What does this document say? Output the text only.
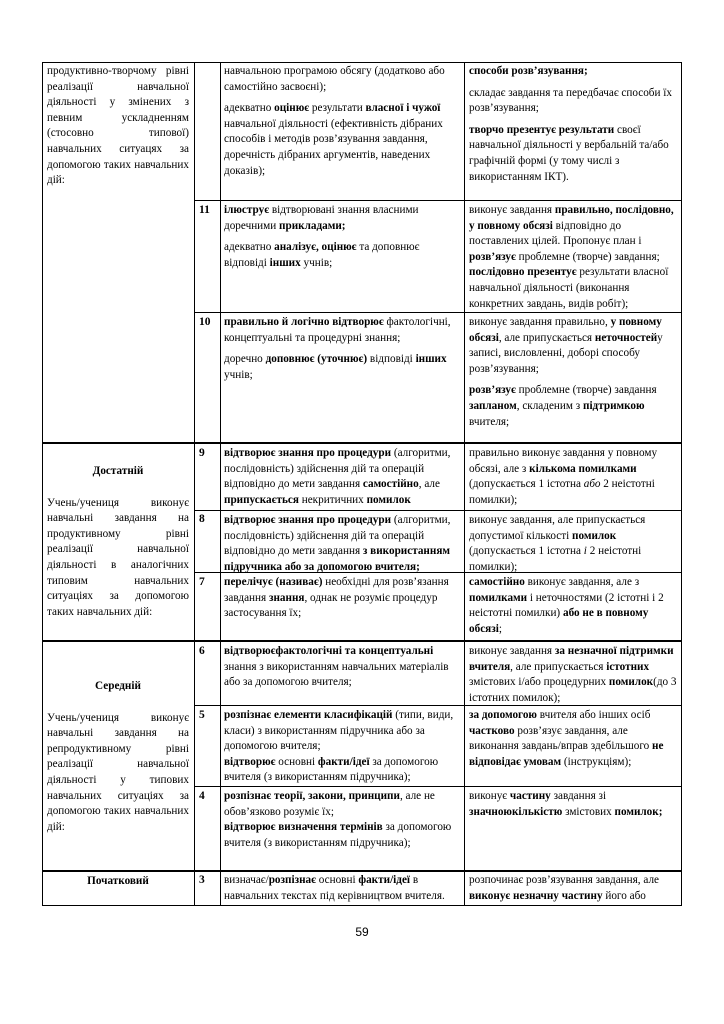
продуктивно-творчому рівні реалізації навчальної діяльності у змінених з певним ускладненням (стосовно типової) навчальних ситуацях за допомогою таких навчальних дій:

Достатній

Учень/учениця виконує навчальні завдання на продуктивному рівні реалізації навчальної діяльності в аналогічних типовим навчальних ситуаціях за допомогою таких навчальних дій:

Середній

Учень/учениця виконує навчальні завдання на репродуктивному рівні реалізації навчальної діяльності у типових навчальних ситуаціях за допомогою таких навчальних дій:

Початковий

11
10
9
8
7
6
5
4
3

навчальною програмою обсягу (додатково або самостійно засвоєні);

адекватно оцінює результати власної і чужої навчальної діяльності (ефективність дібраних способів і методів розв’язування завдання, доречність дібраних аргументів, наведених доказів);

ілюструє відтворювані знання власними доречними прикладами;

адекватно аналізує, оцінює та доповнює відповіді інших учнів;

правильно й логічно відтворює фактологічні, концептуальні та процедурні знання;

доречно доповнює (уточнює) відповіді інших учнів;

відтворює знання про процедури (алгоритми, послідовність) здійснення дій та операцій відповідно до мети завдання самостійно, але припускається некритичних помилок

відтворює знання про процедури (алгоритми, послідовність) здійснення дій та операцій відповідно до мети завдання з використанням підручника або за допомогою вчителя;

перелічує (називає) необхідні для розв’язання завдання знання, однак не розуміє процедур застосування їх;

відтворюєфактологічні та концептуальні знання з використанням навчальних матеріалів або за допомогою вчителя;

розпізнає елементи класифікацій (типи, види, класи) з використанням підручника або за допомогою вчителя;
відтворює основні факти/ідеї за допомогою вчителя (з використанням підручника);

розпізнає теорії, закони, принципи, але не обов’язково розуміє їх;
відтворює визначення термінів за допомогою вчителя (з використанням підручника);

визначає/розпізнає основні факти/ідеї в навчальних текстах під керівництвом вчителя.

способи розв’язування;

складає завдання та передбачає способи їх розв’язування;

творчо презентує результати своєї навчальної діяльності у вербальній та/або графічній формі (у тому числі з використанням ІКТ).

виконує завдання правильно, послідовно, у повному обсязі відповідно до поставлених цілей. Пропонує план і розв’язує проблемне (творче) завдання; послідовно презентує результати власної навчальної діяльності (виконання конкретних завдань, видів робіт);

виконує завдання правильно, у повному обсязі, але припускається неточностейу записі, висловленні, доборі способу розв’язування;

розв’язує проблемне (творче) завдання запланом, складеним з підтримкою вчителя;

правильно виконує завдання у повному обсязі, але з кількома помилками (допускається 1 істотна або 2 неістотні помилки);

виконує завдання, але припускається допустимої кількості помилок (допускається 1 істотна і 2 неістотні помилки);

самостійно виконує завдання, але з помилками і неточностями (2 істотні і 2 неістотні помилки) або не в повному обсязі;

виконує завдання за незначної підтримки вчителя, але припускається істотних змістових і/або процедурних помилок(до 3 істотних помилок);

за допомогою вчителя або інших осіб частково розв’язує завдання, але виконання завдань/вправ здебільшого не відповідає умовам (інструкціям);

виконує частину завдання зі значноюкількістю змістових помилок;

розпочинає розв’язування завдання, але виконує незначну частину його або

59
